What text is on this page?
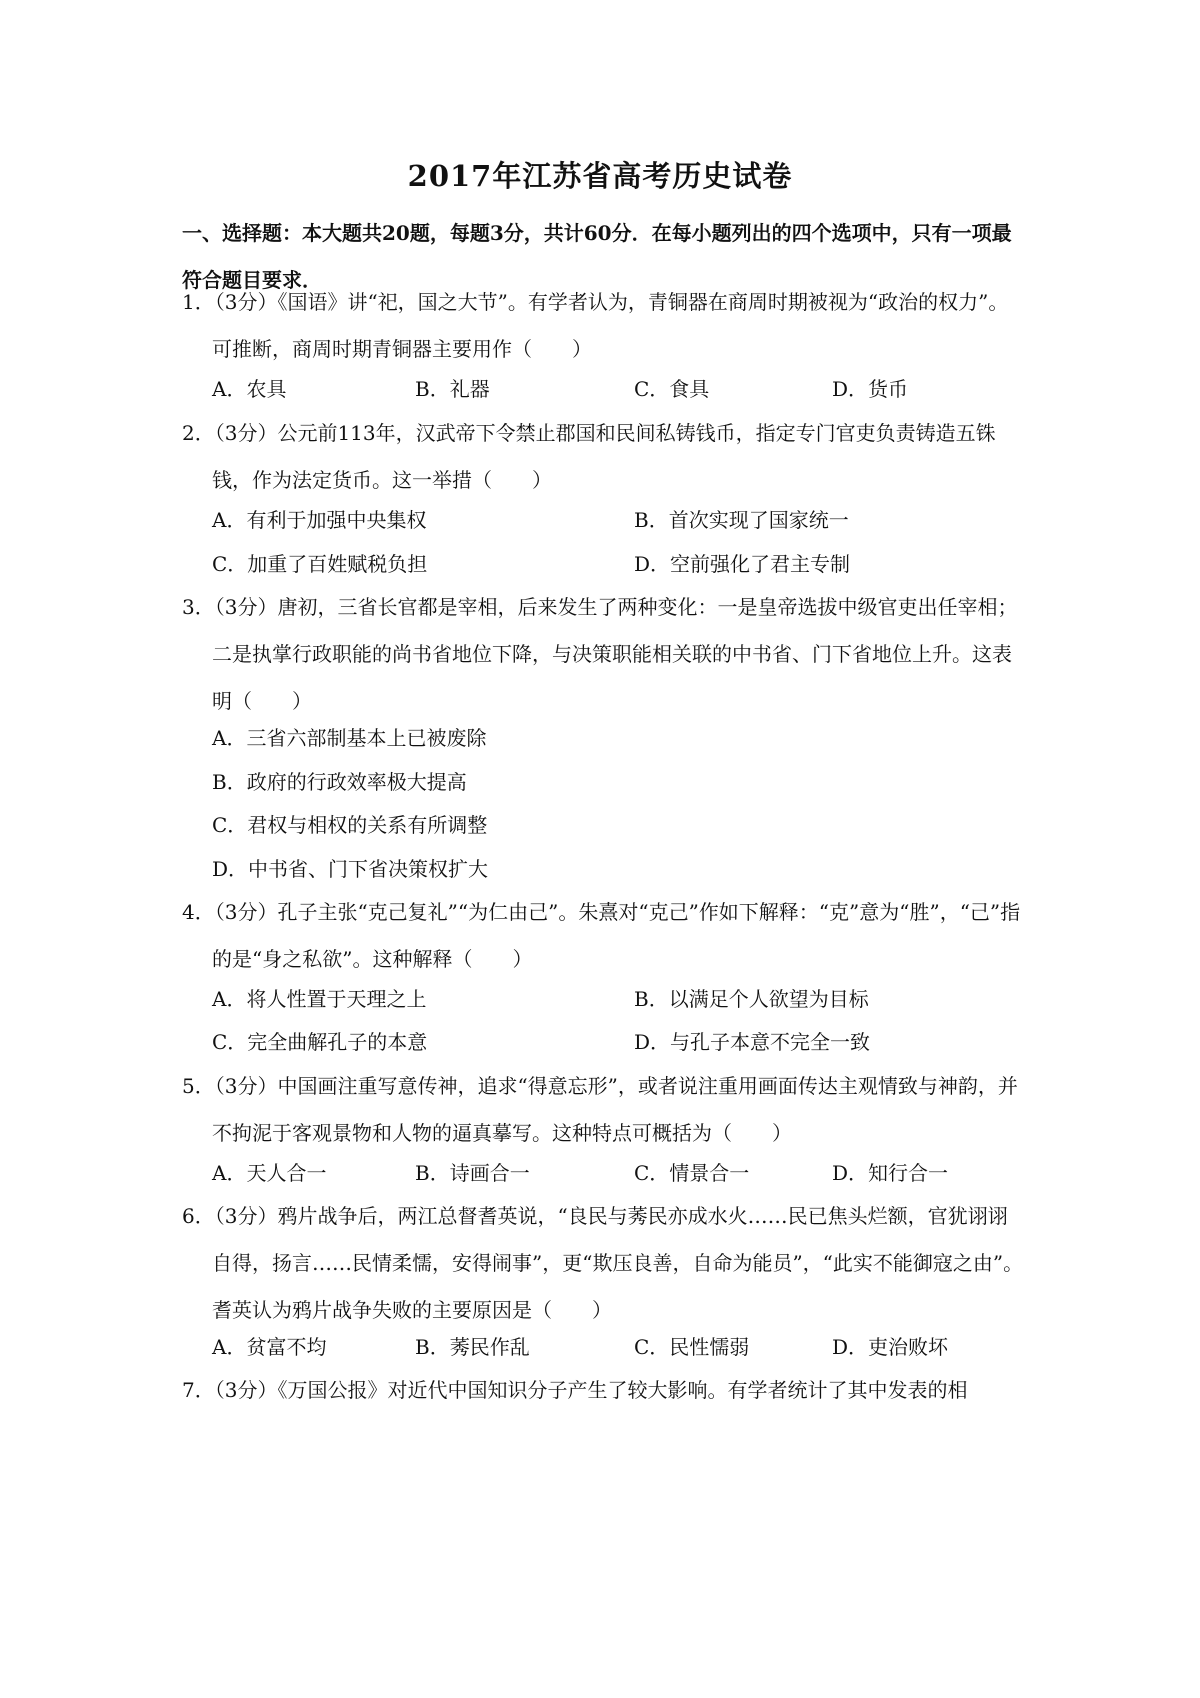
2017年江苏省高考历史试卷
一、选择题：本大题共20题，每题3分，共计60分．在每小题列出的四个选项中，只有一项最符合题目要求．
1．（3分）《国语》讲“祀，国之大节”。有学者认为，青铜器在商周时期被视为“政治的权力”。可推断，商周时期青铜器主要用作（　　）
A．农具	B．礼器	C．食具	D．货币
2．（3分）公元前113年，汉武帝下令禁止郡国和民间私铸钱币，指定专门官吏负责铸造五铢钱，作为法定货币。这一举措（　　）
A．有利于加强中央集权	B．首次实现了国家统一
C．加重了百姓赋税负担	D．空前强化了君主专制
3．（3分）唐初，三省长官都是宰相，后来发生了两种变化：一是皇帝选拔中级官吏出任宰相；二是执掌行政职能的尚书省地位下降，与决策职能相关联的中书省、门下省地位上升。这表明（　　）
A．三省六部制基本上已被废除
B．政府的行政效率极大提高
C．君权与相权的关系有所调整
D．中书省、门下省决策权扩大
4．（3分）孔子主张“克己复礼”“为仁由己”。朱熹对“克己”作如下解释：“克”意为“胜”，“己”指的是“身之私欲”。这种解释（　　）
A．将人性置于天理之上	B．以满足个人欲望为目标
C．完全曲解孔子的本意	D．与孔子本意不完全一致
5．（3分）中国画注重写意传神，追求“得意忘形”，或者说注重用画面传达主观情致与神韵，并不拘泥于客观景物和人物的逼真摹写。这种特点可概括为（　　）
A．天人合一	B．诗画合一	C．情景合一	D．知行合一
6．（3分）鸦片战争后，两江总督耆英说，“良民与莠民亦成水火……民已焦头烂额，官犹诩诩自得，扬言……民情柔懦，安得闹事”，更“欺压良善，自命为能员”，“此实不能御寇之由”。耆英认为鸦片战争失败的主要原因是（　　）
A．贫富不均	B．莠民作乱	C．民性懦弱	D．吏治败坏
7．（3分）《万国公报》对近代中国知识分子产生了较大影响。有学者统计了其中发表的相
